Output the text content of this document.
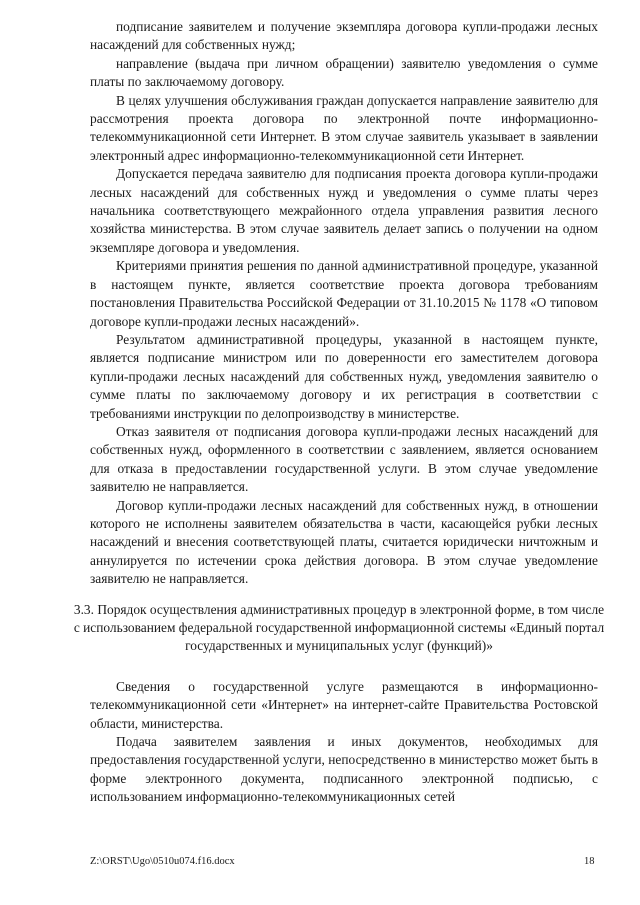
подписание заявителем и получение экземпляра договора купли-продажи лесных насаждений для собственных нужд;

направление (выдача при личном обращении) заявителю уведомления о сумме платы по заключаемому договору.

В целях улучшения обслуживания граждан допускается направление заявителю для рассмотрения проекта договора по электронной почте информационно-телекоммуникационной сети Интернет. В этом случае заявитель указывает в заявлении электронный адрес информационно-телекоммуникационной сети Интернет.

Допускается передача заявителю для подписания проекта договора купли-продажи лесных насаждений для собственных нужд и уведомления о сумме платы через начальника соответствующего межрайонного отдела управления развития лесного хозяйства министерства. В этом случае заявитель делает запись о получении на одном экземпляре договора и уведомления.

Критериями принятия решения по данной административной процедуре, указанной в настоящем пункте, является соответствие проекта договора требованиям постановления Правительства Российской Федерации от 31.10.2015 № 1178 «О типовом договоре купли-продажи лесных насаждений».

Результатом административной процедуры, указанной в настоящем пункте, является подписание министром или по доверенности его заместителем договора купли-продажи лесных насаждений для собственных нужд, уведомления заявителю о сумме платы по заключаемому договору и их регистрация в соответствии с требованиями инструкции по делопроизводству в министерстве.

Отказ заявителя от подписания договора купли-продажи лесных насаждений для собственных нужд, оформленного в соответствии с заявлением, является основанием для отказа в предоставлении государственной услуги. В этом случае уведомление заявителю не направляется.

Договор купли-продажи лесных насаждений для собственных нужд, в отношении которого не исполнены заявителем обязательства в части, касающейся рубки лесных насаждений и внесения соответствующей платы, считается юридически ничтожным и аннулируется по истечении срока действия договора. В этом случае уведомление заявителю не направляется.

3.3. Порядок осуществления административных процедур в электронной форме, в том числе с использованием федеральной государственной информационной системы «Единый портал государственных и муниципальных услуг (функций)»

Сведения о государственной услуге размещаются в информационно-телекоммуникационной сети «Интернет» на интернет-сайте Правительства Ростовской области, министерства.

Подача заявителем заявления и иных документов, необходимых для предоставления государственной услуги, непосредственно в министерство может быть в форме электронного документа, подписанного электронной подписью, с использованием информационно-телекоммуникационных сетей

Z:\ORST\Ugo\0510u074.f16.docx	18
